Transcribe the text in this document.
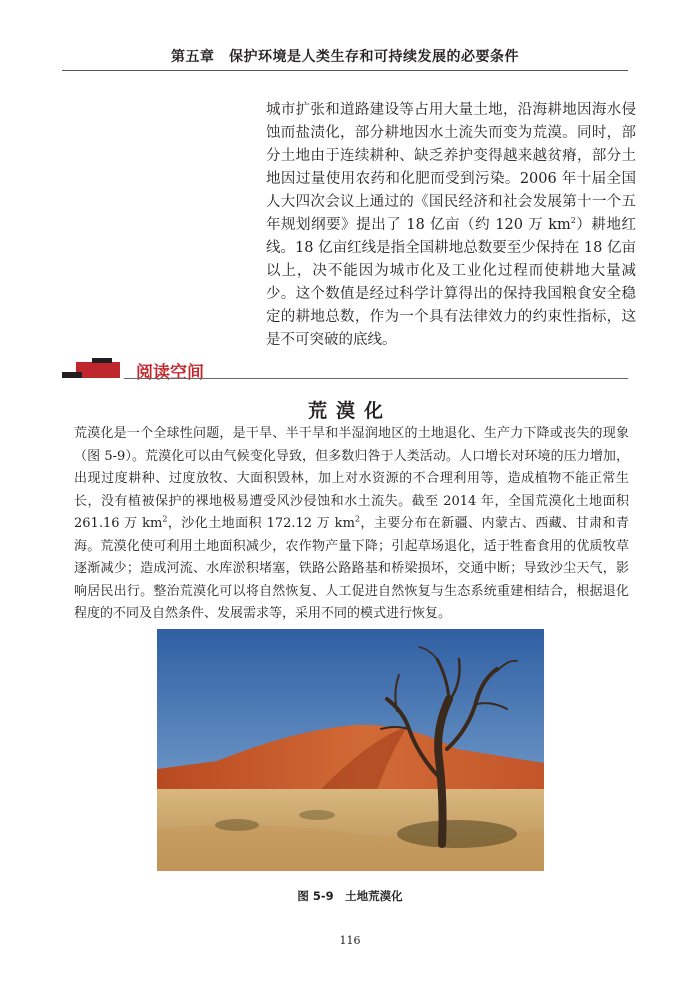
第五章　保护环境是人类生存和可持续发展的必要条件

城市扩张和道路建设等占用大量土地，沿海耕地因海水侵蚀而盐渍化，部分耕地因水土流失而变为荒漠。同时，部分土地由于连续耕种、缺乏养护变得越来越贫瘠，部分土地因过量使用农药和化肥而受到污染。2006 年十届全国人大四次会议上通过的《国民经济和社会发展第十一个五年规划纲要》提出了 18 亿亩（约 120 万 $km^2$）耕地红线。18 亿亩红线是指全国耕地总数要至少保持在 18 亿亩以上，决不能因为城市化及工业化过程而使耕地大量减少。这个数值是经过科学计算得出的保持我国粮食安全稳定的耕地总数，作为一个具有法律效力的约束性指标，这是不可突破的底线。

阅读空间
荒漠化

荒漠化是一个全球性问题，是干旱、半干旱和半湿润地区的土地退化、生产力下降或丧失的现象（图 5-9）。荒漠化可以由气候变化导致，但多数归咎于人类活动。人口增长对环境的压力增加，出现过度耕种、过度放牧、大面积毁林，加上对水资源的不合理利用等，造成植物不能正常生长，没有植被保护的裸地极易遭受风沙侵蚀和水土流失。截至 2014 年，全国荒漠化土地面积 261.16 万 $km^2$，沙化土地面积 172.12 万 $km^2$，主要分布在新疆、内蒙古、西藏、甘肃和青海。荒漠化使可利用土地面积减少，农作物产量下降；引起草场退化，适于牲畜食用的优质牧草逐渐减少；造成河流、水库淤积堵塞，铁路公路路基和桥梁损坏，交通中断；导致沙尘天气，影响居民出行。整治荒漠化可以将自然恢复、人工促进自然恢复与生态系统重建相结合，根据退化程度的不同及自然条件、发展需求等，采用不同的模式进行恢复。

图 5-9　土地荒漠化
116
